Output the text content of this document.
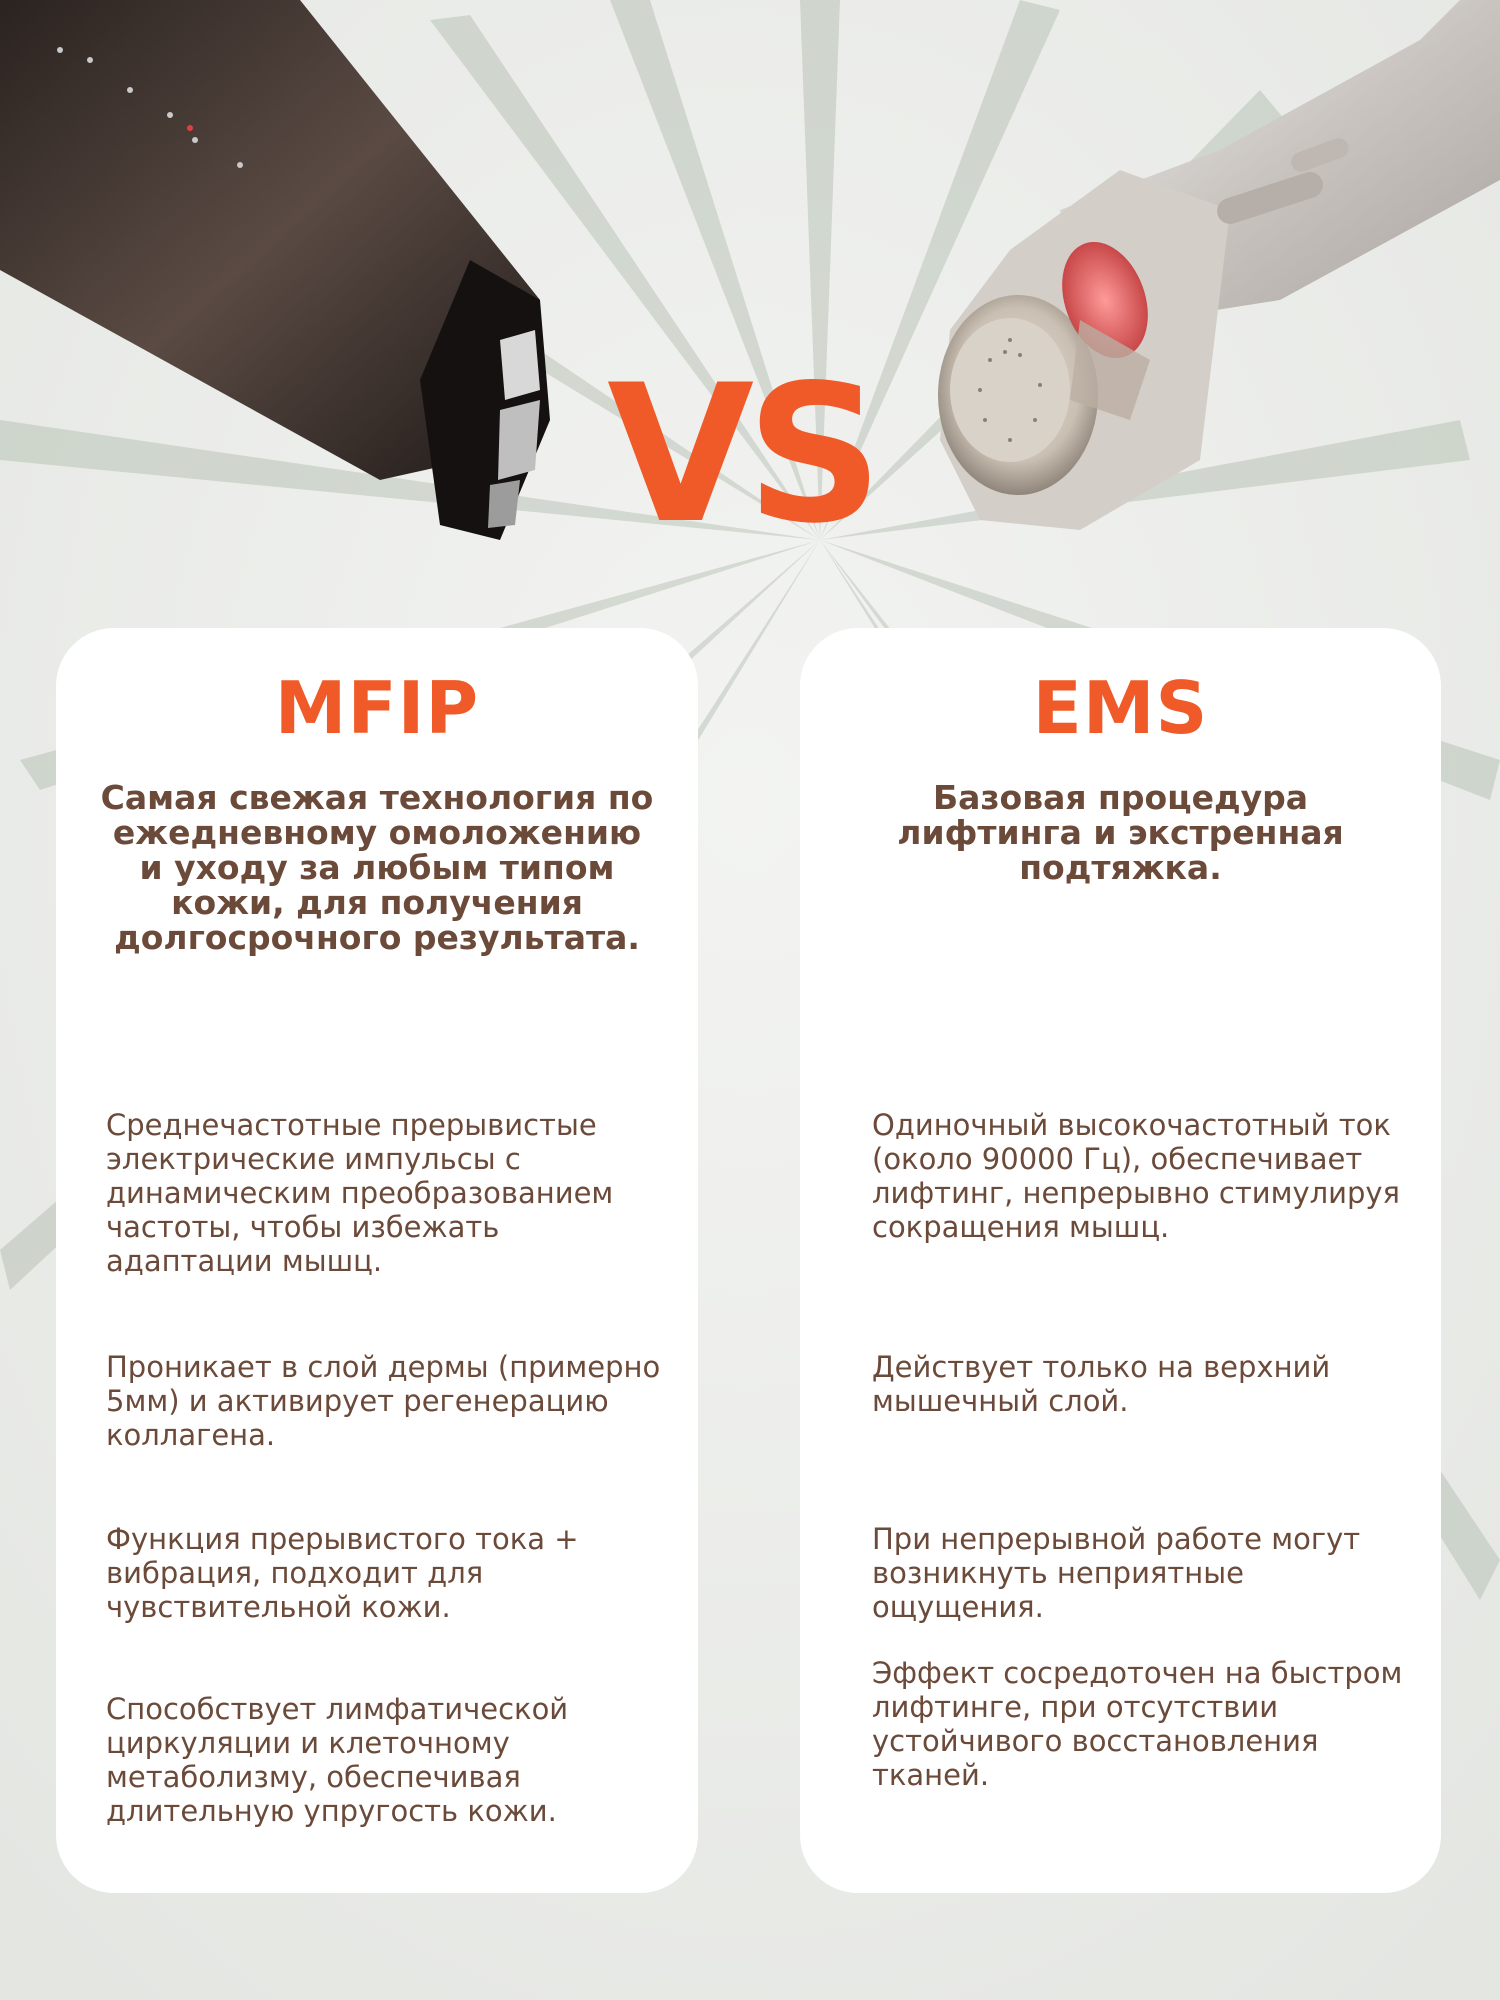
VS
MFIP
Самая свежая технология по ежедневному омоложению и уходу за любым типом кожи, для получения долгосрочного результата.
Среднечастотные прерывистые электрические импульсы с динамическим преобразованием частоты, чтобы избежать адаптации мышц.
Проникает в слой дермы (примерно 5мм) и активирует регенерацию коллагена.
Функция прерывистого тока + вибрация, подходит для чувствительной кожи.
Способствует лимфатической циркуляции и клеточному метаболизму, обеспечивая длительную упругость кожи.
EMS
Базовая процедура лифтинга и экстренная подтяжка.
Одиночный высокочастотный ток (около 90000 Гц), обеспечивает лифтинг, непрерывно стимулируя сокращения мышц.
Действует только на верхний мышечный слой.
При непрерывной работе могут возникнуть неприятные ощущения.
Эффект сосредоточен на быстром лифтинге, при отсутствии устойчивого восстановления тканей.
